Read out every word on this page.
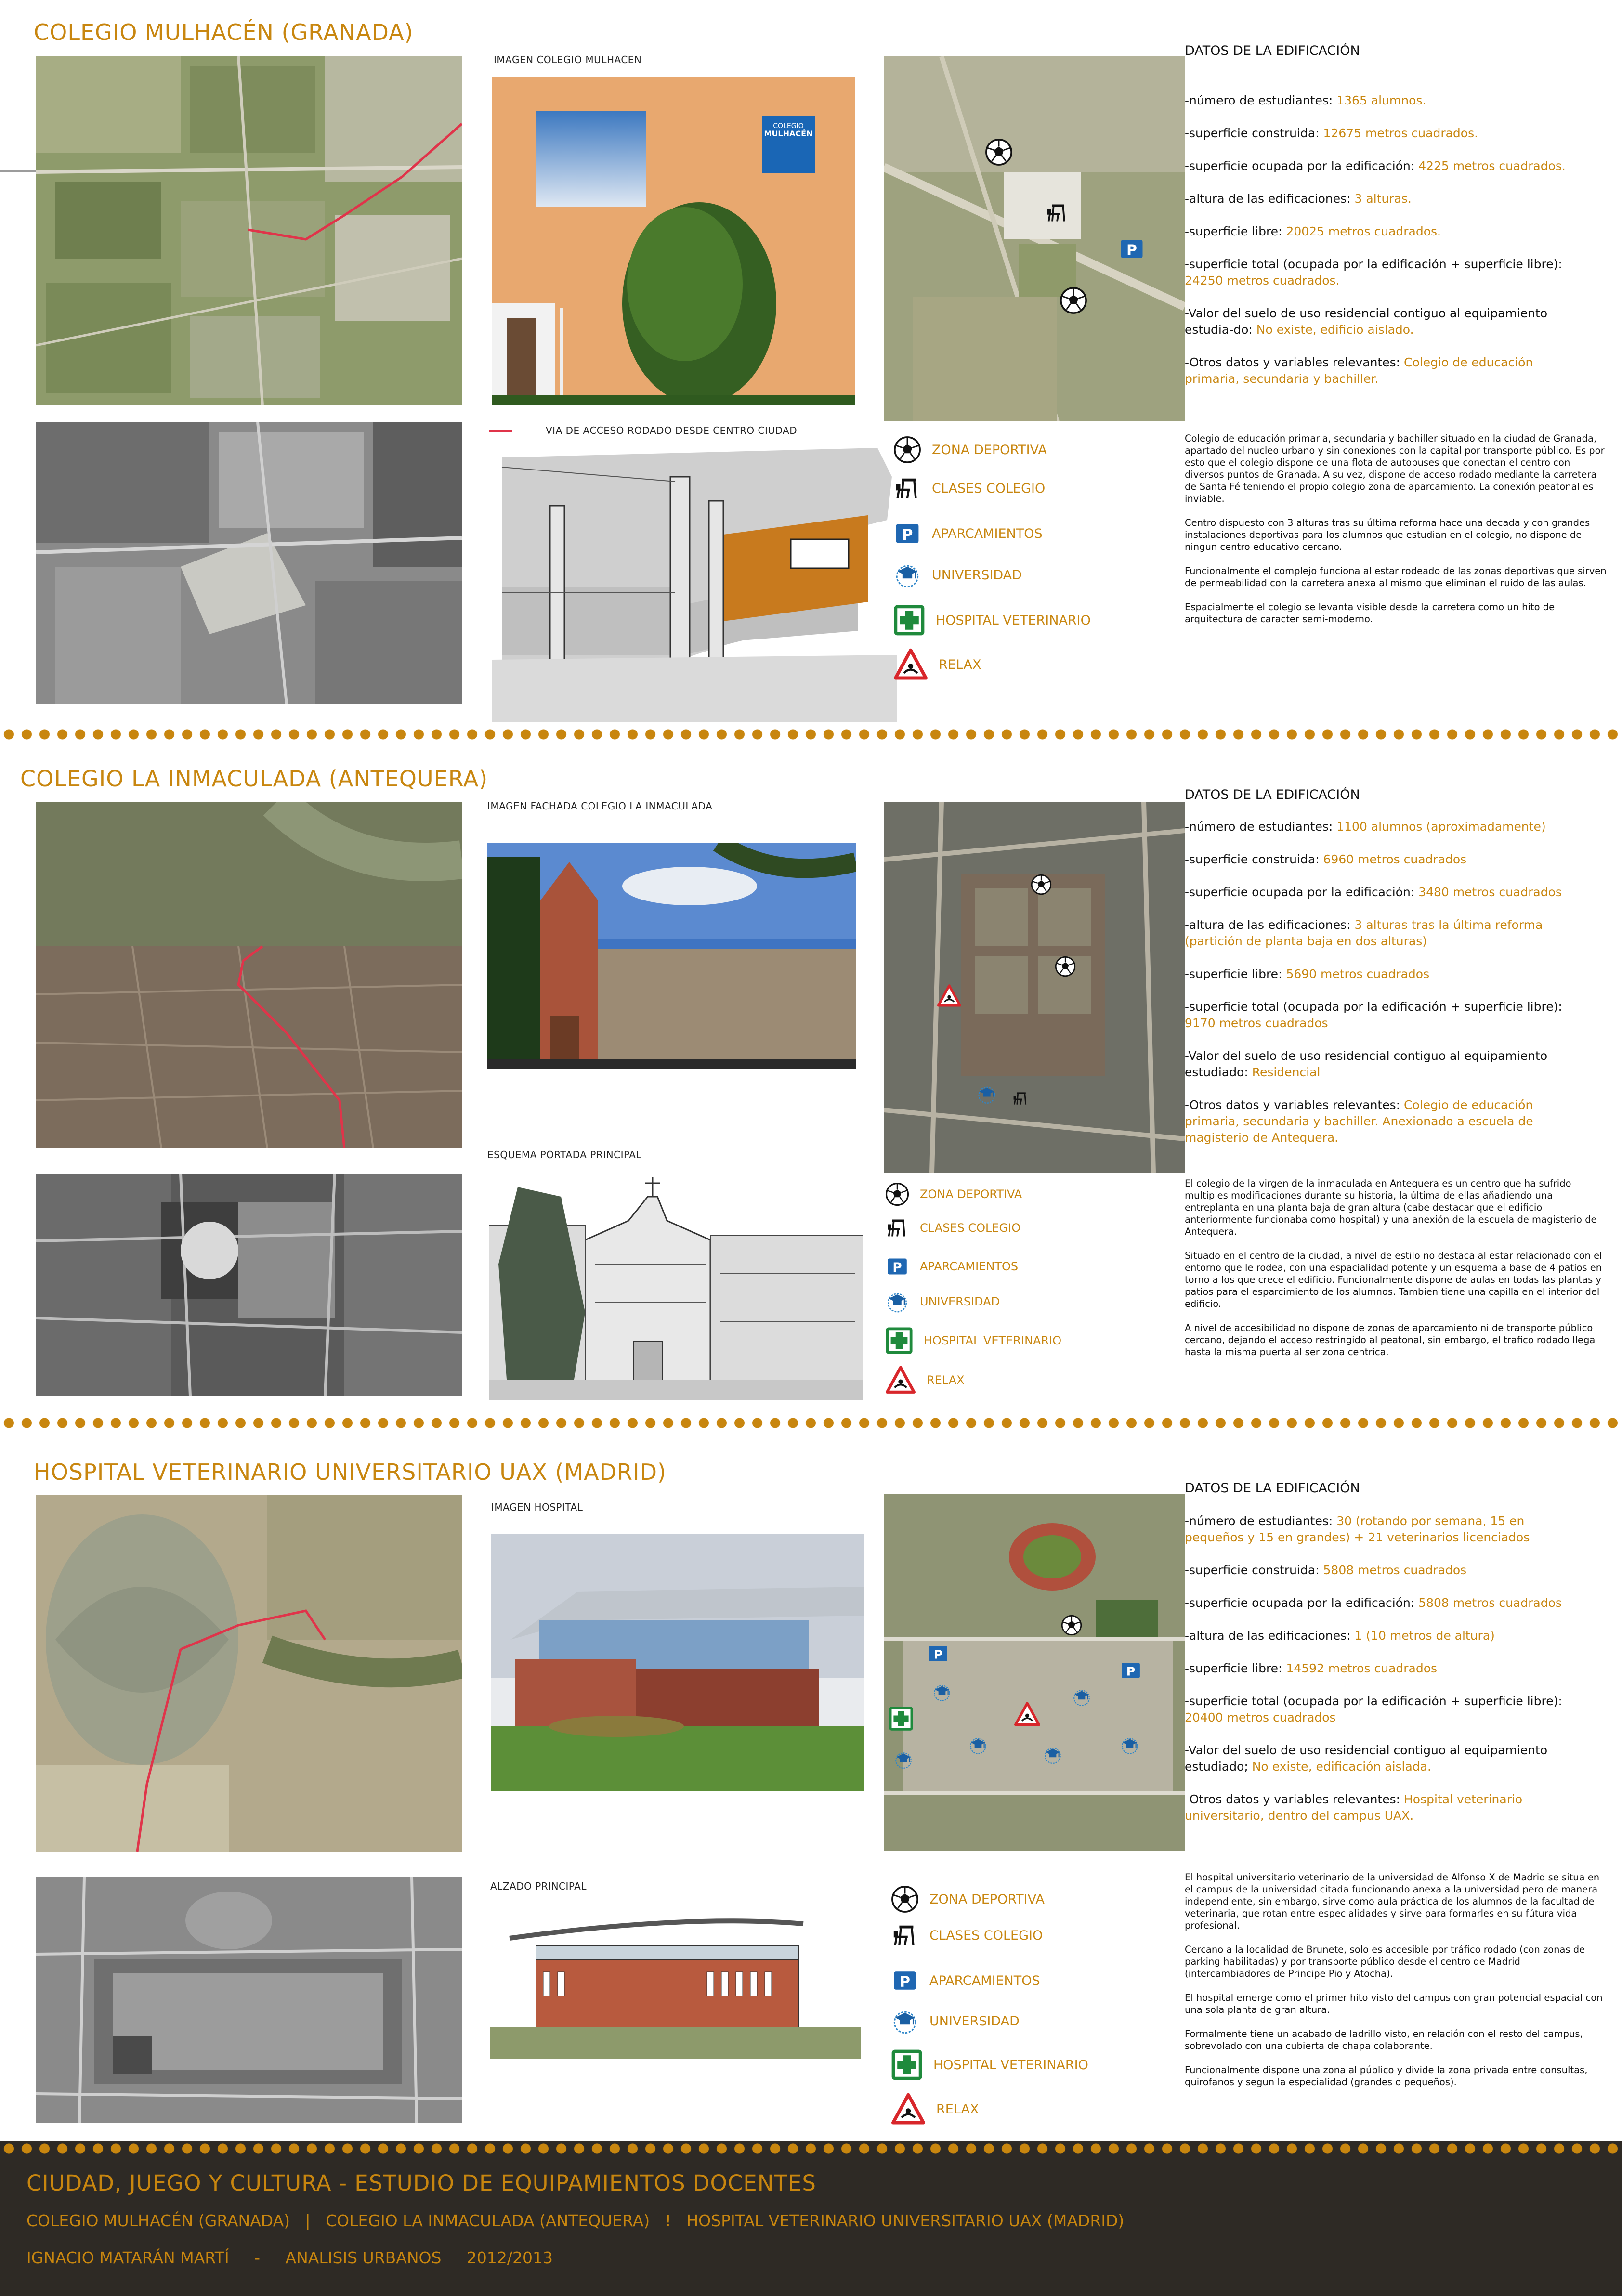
COLEGIO MULHACÉN (GRANADA)
IMAGEN COLEGIO MULHACEN
COLEGIO
MULHACÉN
DATOS DE LA EDIFICACIÓN
-número de estudiantes: 1365 alumnos.
-superficie construida: 12675 metros cuadrados.
-superficie ocupada por la edificación: 4225 metros cuadrados.
-altura de las edificaciones: 3 alturas.
-superficie libre: 20025 metros cuadrados.
-superficie total (ocupada por la edificación + superficie libre): 24250 metros cuadrados.
-Valor del suelo de uso residencial contiguo al equipamiento estudia-do: No existe, edificio aislado.
-Otros datos y variables relevantes: Colegio de educación primaria, secundaria y bachiller.
VIA DE ACCESO RODADO DESDE CENTRO CIUDAD
ZONA DEPORTIVA
CLASES COLEGIO
APARCAMIENTOS
UNIVERSIDAD
HOSPITAL VETERINARIO
RELAX

Colegio de educación primaria, secundaria y bachiller situado en la ciudad de Granada, apartado del nucleo urbano y sin conexiones con la capital por transporte público. Es por esto que el colegio dispone de una flota de autobuses que conectan el centro con diversos puntos de Granada. A su vez, dispone de acceso rodado mediante la carretera de Santa Fé teniendo el propio colegio zona de aparcamiento. La conexión peatonal es inviable.

Centro dispuesto con 3 alturas tras su última reforma hace una decada y con grandes instalaciones deportivas para los alumnos que estudian en el colegio, no dispone de ningun centro educativo cercano.

Funcionalmente el complejo funciona al estar rodeado de las zonas deportivas que sirven de permeabilidad con la carretera anexa al mismo que eliminan el ruido de las aulas.

Espacialmente el colegio se levanta visible desde la carretera como un hito de arquitectura de caracter semi-moderno.

COLEGIO LA INMACULADA (ANTEQUERA)
IMAGEN FACHADA COLEGIO LA INMACULADA
DATOS DE LA EDIFICACIÓN
-número de estudiantes: 1100 alumnos (aproximadamente)
-superficie construida: 6960 metros cuadrados
-superficie ocupada por la edificación: 3480 metros cuadrados
-altura de las edificaciones: 3 alturas tras la última reforma (partición de planta baja en dos alturas)
-superficie libre: 5690 metros cuadrados
-superficie total (ocupada por la edificación + superficie libre): 9170 metros cuadrados
-Valor del suelo de uso residencial contiguo al equipamiento estudiado: Residencial
-Otros datos y variables relevantes: Colegio de educación primaria, secundaria y bachiller. Anexionado a escuela de magisterio de Antequera.
ESQUEMA PORTADA PRINCIPAL
ZONA DEPORTIVA
CLASES COLEGIO
APARCAMIENTOS
UNIVERSIDAD
HOSPITAL VETERINARIO
RELAX

El colegio de la virgen de la inmaculada en Antequera es un centro que ha sufrido multiples modificaciones durante su historia, la última de ellas añadiendo una entreplanta en una planta baja de gran altura (cabe destacar que el edificio anteriormente funcionaba como hospital) y una anexión de la escuela de magisterio de Antequera.

Situado en el centro de la ciudad, a nivel de estilo no destaca al estar relacionado con el entorno que le rodea, con una espacialidad potente y un esquema a base de 4 patios en torno a los que crece el edificio. Funcionalmente dispone de aulas en todas las plantas y patios para el esparcimiento de los alumnos. Tambien tiene una capilla en el interior del edificio.

A nivel de accesibilidad no dispone de zonas de aparcamiento ni de transporte público cercano, dejando el acceso restringido al peatonal, sin embargo, el trafico rodado llega hasta la misma puerta al ser zona centrica.

HOSPITAL VETERINARIO UNIVERSITARIO UAX (MADRID)
IMAGEN HOSPITAL
DATOS DE LA EDIFICACIÓN
-número de estudiantes: 30 (rotando por semana, 15 en pequeños y 15 en grandes) + 21 veterinarios licenciados
-superficie construida: 5808 metros cuadrados
-superficie ocupada por la edificación: 5808 metros cuadrados
-altura de las edificaciones: 1 (10 metros de altura)
-superficie libre: 14592 metros cuadrados
-superficie total (ocupada por la edificación + superficie libre): 20400 metros cuadrados
-Valor del suelo de uso residencial contiguo al equipamiento estudiado; No existe, edificación aislada.
-Otros datos y variables relevantes: Hospital veterinario universitario, dentro del campus UAX.
ALZADO PRINCIPAL
ZONA DEPORTIVA
CLASES COLEGIO
APARCAMIENTOS
UNIVERSIDAD
HOSPITAL VETERINARIO
RELAX

El hospital universitario veterinario de la universidad de Alfonso X de Madrid se situa en el campus de la universidad citada funcionando anexa a la universidad pero de manera independiente, sin embargo, sirve como aula práctica de los alumnos de la facultad de veterinaria, que rotan entre especialidades y sirve para formarles en su fútura vida profesional.

Cercano a la localidad de Brunete, solo es accesible por tráfico rodado (con zonas de parking habilitadas) y por transporte público desde el centro de Madrid (intercambiadores de Principe Pio y Atocha).

El hospital emerge como el primer hito visto del campus con gran potencial espacial con una sola planta de gran altura.

Formalmente tiene un acabado de ladrillo visto, en relación con el resto del campus, sobrevolado con una cubierta de chapa colaborante.

Funcionalmente dispone una zona al público y divide la zona privada entre consultas, quirofanos y segun la especialidad (grandes o pequeños).

CIUDAD, JUEGO Y CULTURA - ESTUDIO DE EQUIPAMIENTOS DOCENTES
COLEGIO MULHACÉN (GRANADA)   |   COLEGIO LA INMACULADA (ANTEQUERA)   !   HOSPITAL VETERINARIO UNIVERSITARIO UAX (MADRID)
IGNACIO MATARÁN MARTÍ     -     ANALISIS URBANOS     2012/2013
